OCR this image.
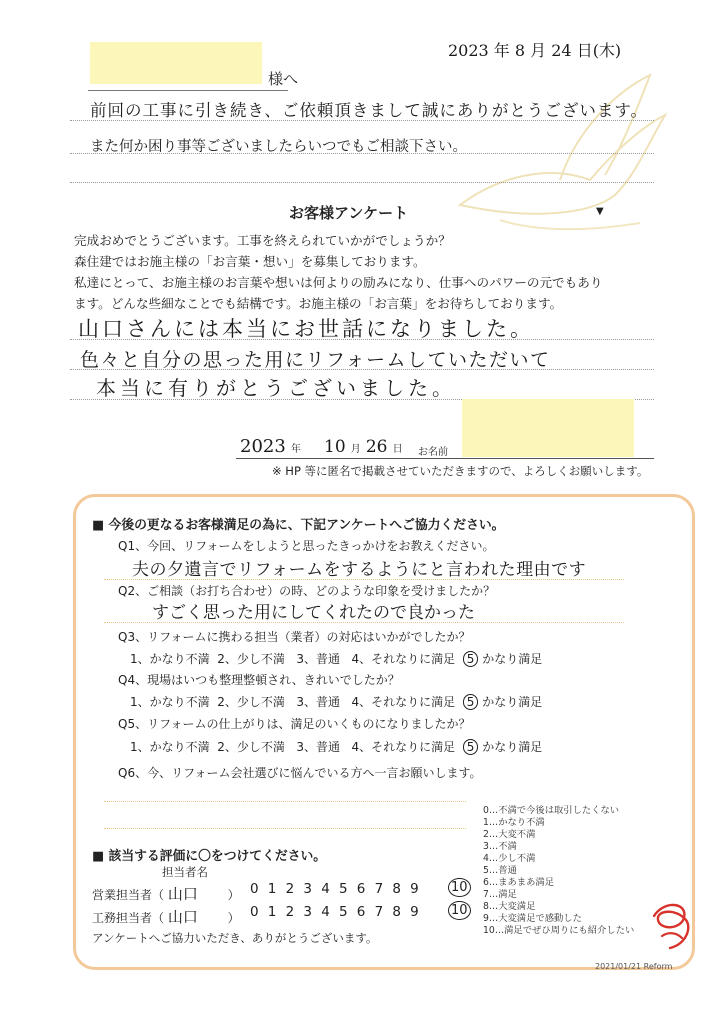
2023 年 8 月 24 日(木)
様へ
前回の工事に引き続き、ご依頼頂きまして誠にありがとうございます。
また何か困り事等ございましたらいつでもご相談下さい。
お客様アンケート	▼
完成おめでとうございます。工事を終えられていかがでしょうか？
森住建ではお施主様の「お言葉・想い」を募集しております。
私達にとって、お施主様のお言葉や想いは何よりの励みになり、仕事へのパワーの元でもあり
ます。どんな些細なことでも結構です。お施主様の「お言葉」をお待ちしております。
山口さんには本当にお世話になりました。
色々と自分の思った用にリフォームしていただいて
本当に有りがとうございました。
2023 年 10 月 26 日 お名前
※ HP 等に匿名で掲載させていただきますので、よろしくお願いします。
■ 今後の更なるお客様満足の為に、下記アンケートへご協力ください。
Q1、今回、リフォームをしようと思ったきっかけをお教えください。
夫の夕遺言でリフォームをするようにと言われた理由です
Q2、ご相談（お打ち合わせ）の時、どのような印象を受けましたか？
すごく思った用にしてくれたので良かった
Q3、リフォームに携わる担当（業者）の対応はいかがでしたか？
1、かなり不満 2、少し不満 3、普通 4、それなりに満足 5 かなり満足
Q4、現場はいつも整理整頓され、きれいでしたか？
1、かなり不満 2、少し不満 3、普通 4、それなりに満足 5 かなり満足
Q5、リフォームの仕上がりは、満足のいくものになりましたか？
1、かなり不満 2、少し不満 3、普通 4、それなりに満足 5 かなり満足
Q6、今、リフォーム会社選びに悩んでいる方へ一言お願いします。
0…不満で今後は取引したくない
1…かなり不満
2…大変不満
3…不満
4…少し不満
5…普通
6…まあまあ満足
7…満足
8…大変満足
9…大変満足で感動した
10…満足でぜひ周りにも紹介したい
■ 該当する評価に〇をつけてください。
担当者名
営業担当者（ 山口 ） 0123456789 10
工務担当者（ 山口 ） 0123456789 10
アンケートへご協力いただき、ありがとうございます。
2021/01/21 Reform
